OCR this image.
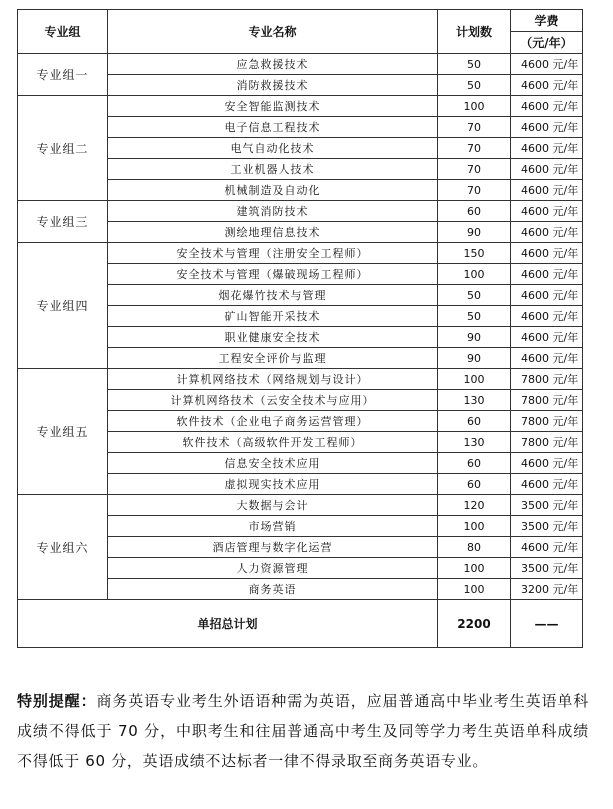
专业组	专业名称	计划数	学费
			（元/年）
专业组一	应急救援技术	50	4600 元/年
	消防救援技术	50	4600 元/年
专业组二	安全智能监测技术	100	4600 元/年
	电子信息工程技术	70	4600 元/年
	电气自动化技术	70	4600 元/年
	工业机器人技术	70	4600 元/年
	机械制造及自动化	70	4600 元/年
专业组三	建筑消防技术	60	4600 元/年
	测绘地理信息技术	90	4600 元/年
专业组四	安全技术与管理（注册安全工程师）	150	4600 元/年
	安全技术与管理（爆破现场工程师）	100	4600 元/年
	烟花爆竹技术与管理	50	4600 元/年
	矿山智能开采技术	50	4600 元/年
	职业健康安全技术	90	4600 元/年
	工程安全评价与监理	90	4600 元/年
专业组五	计算机网络技术（网络规划与设计）	100	7800 元/年
	计算机网络技术（云安全技术与应用）	130	7800 元/年
	软件技术（企业电子商务运营管理）	60	7800 元/年
	软件技术（高级软件开发工程师）	130	7800 元/年
	信息安全技术应用	60	4600 元/年
	虚拟现实技术应用	60	4600 元/年
专业组六	大数据与会计	120	3500 元/年
	市场营销	100	3500 元/年
	酒店管理与数字化运营	80	4600 元/年
	人力资源管理	100	3500 元/年
	商务英语	100	3200 元/年
单招总计划		2200	——
特别提醒：商务英语专业考生外语语种需为英语，应届普通高中毕业考生英语单科成绩不得低于 70 分，中职考生和往届普通高中考生及同等学力考生英语单科成绩不得低于 60 分，英语成绩不达标者一律不得录取至商务英语专业。
